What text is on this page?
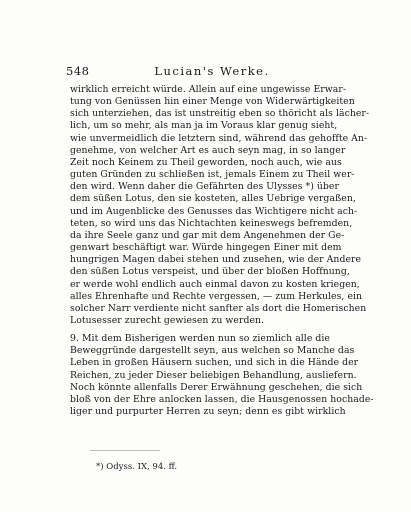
548	Lucian's Werke.
wirklich erreicht würde. Allein auf eine ungewisse Erwar-
tung von Genüssen hin einer Menge von Widerwärtigkeiten
sich unterziehen, das ist unstreitig eben so thöricht als lächer-
lich, um so mehr, als man ja im Voraus klar genug sieht,
wie unvermeidlich die letztern sind, während das gehoffte An-
genehme, von welcher Art es auch seyn mag, in so langer
Zeit noch Keinem zu Theil geworden, noch auch, wie aus
guten Gründen zu schließen ist, jemals Einem zu Theil wer-
den wird. Wenn daher die Gefährten des Ulysses *) über
dem süßen Lotus, den sie kosteten, alles Uebrige vergaßen,
und im Augenblicke des Genusses das Wichtigere nicht ach-
teten, so wird uns das Nichtachten keineswegs befremden,
da ihre Seele ganz und gar mit dem Angenehmen der Ge-
genwart beschäftigt war. Würde hingegen Einer mit dem
hungrigen Magen dabei stehen und zusehen, wie der Andere
den süßen Lotus verspeist, und über der bloßen Hoffnung,
er werde wohl endlich auch einmal davon zu kosten kriegen,
alles Ehrenhafte und Rechte vergessen, — zum Herkules, ein
solcher Narr verdiente nicht sanfter als dort die Homerischen
Lotusesser zurecht gewiesen zu werden.
9. Mit dem Bisherigen werden nun so ziemlich alle die
Beweggründe dargestellt seyn, aus welchen so Manche das
Leben in großen Häusern suchen, und sich in die Hände der
Reichen, zu jeder Dieser beliebigen Behandlung, ausliefern.
Noch könnte allenfalls Derer Erwähnung geschehen, die sich
bloß von der Ehre anlocken lassen, die Hausgenossen hochade-
liger und purpurter Herren zu seyn; denn es gibt wirklich
*) Odyss. IX, 94. ff.
